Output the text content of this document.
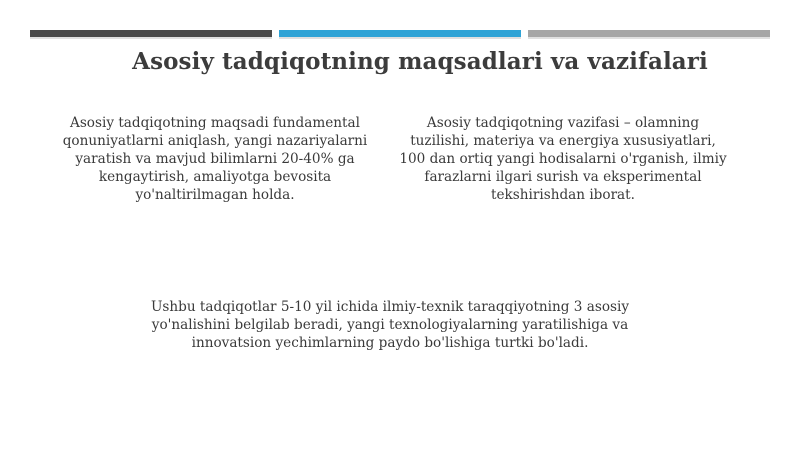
Asosiy tadqiqotning maqsadlari va vazifalari
Asosiy tadqiqotning maqsadi fundamental qonuniyatlarni aniqlash, yangi nazariyalarni yaratish va mavjud bilimlarni 20-40% ga kengaytirish, amaliyotga bevosita yo'naltirilmagan holda.
Asosiy tadqiqotning vazifasi – olamning tuzilishi, materiya va energiya xususiyatlari, 100 dan ortiq yangi hodisalarni o'rganish, ilmiy farazlarni ilgari surish va eksperimental tekshirishdan iborat.
Ushbu tadqiqotlar 5-10 yil ichida ilmiy-texnik taraqqiyotning 3 asosiy yo'nalishini belgilab beradi, yangi texnologiyalarning yaratilishiga va innovatsion yechimlarning paydo bo'lishiga turtki bo'ladi.
